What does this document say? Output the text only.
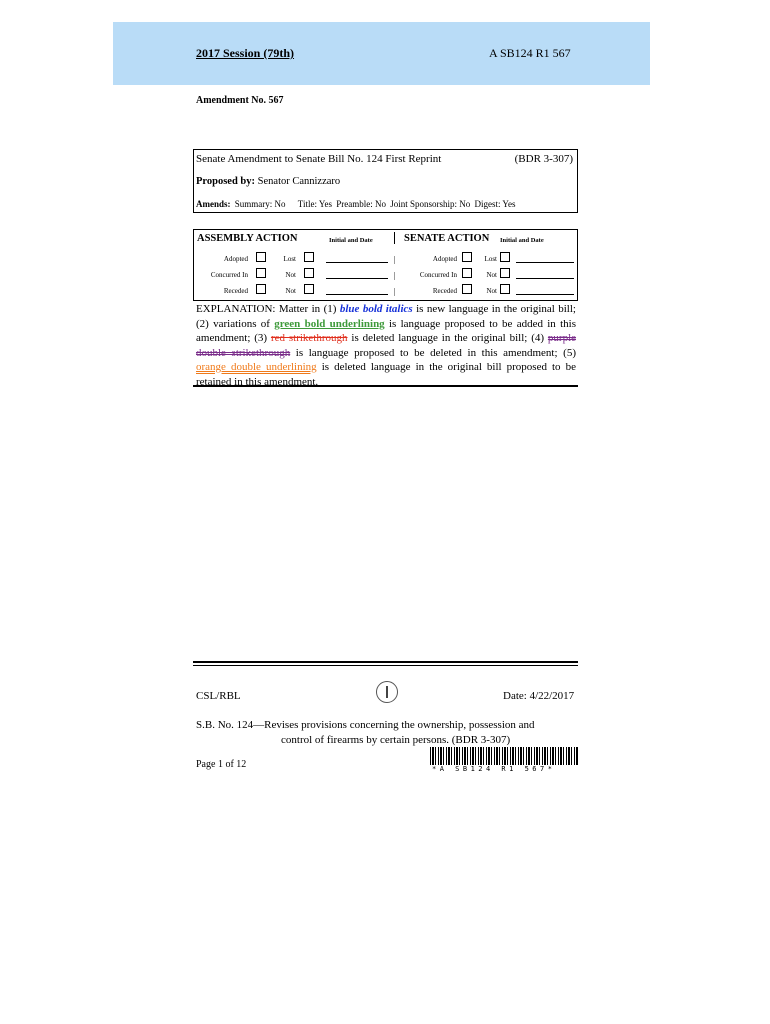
2017 Session (79th)	A SB124 R1 567
Amendment No. 567
Senate Amendment to Senate Bill No. 124 First Reprint	(BDR 3-307)
Proposed by: Senator Cannizzaro
Amends: Summary: No Title: Yes Preamble: No Joint Sponsorship: No Digest: Yes
ASSEMBLY ACTION	Initial and Date	SENATE ACTION Initial and Date
Adopted	Lost	|	Adopted	Lost
Concurred In	Not	|	Concurred In	Not
Receded	Not	|	Receded	Not
EXPLANATION: Matter in (1) blue bold italics is new language in the original bill; (2) variations of green bold underlining is language proposed to be added in this amendment; (3) red strikethrough is deleted language in the original bill; (4) purple double strikethrough is language proposed to be deleted in this amendment; (5) orange double underlining is deleted language in the original bill proposed to be retained in this amendment.
CSL/RBL	Date: 4/22/2017
S.B. No. 124—Revises provisions concerning the ownership, possession and
control of firearms by certain persons. (BDR 3-307)
Page 1 of 12	*A SB124 R1 567*
